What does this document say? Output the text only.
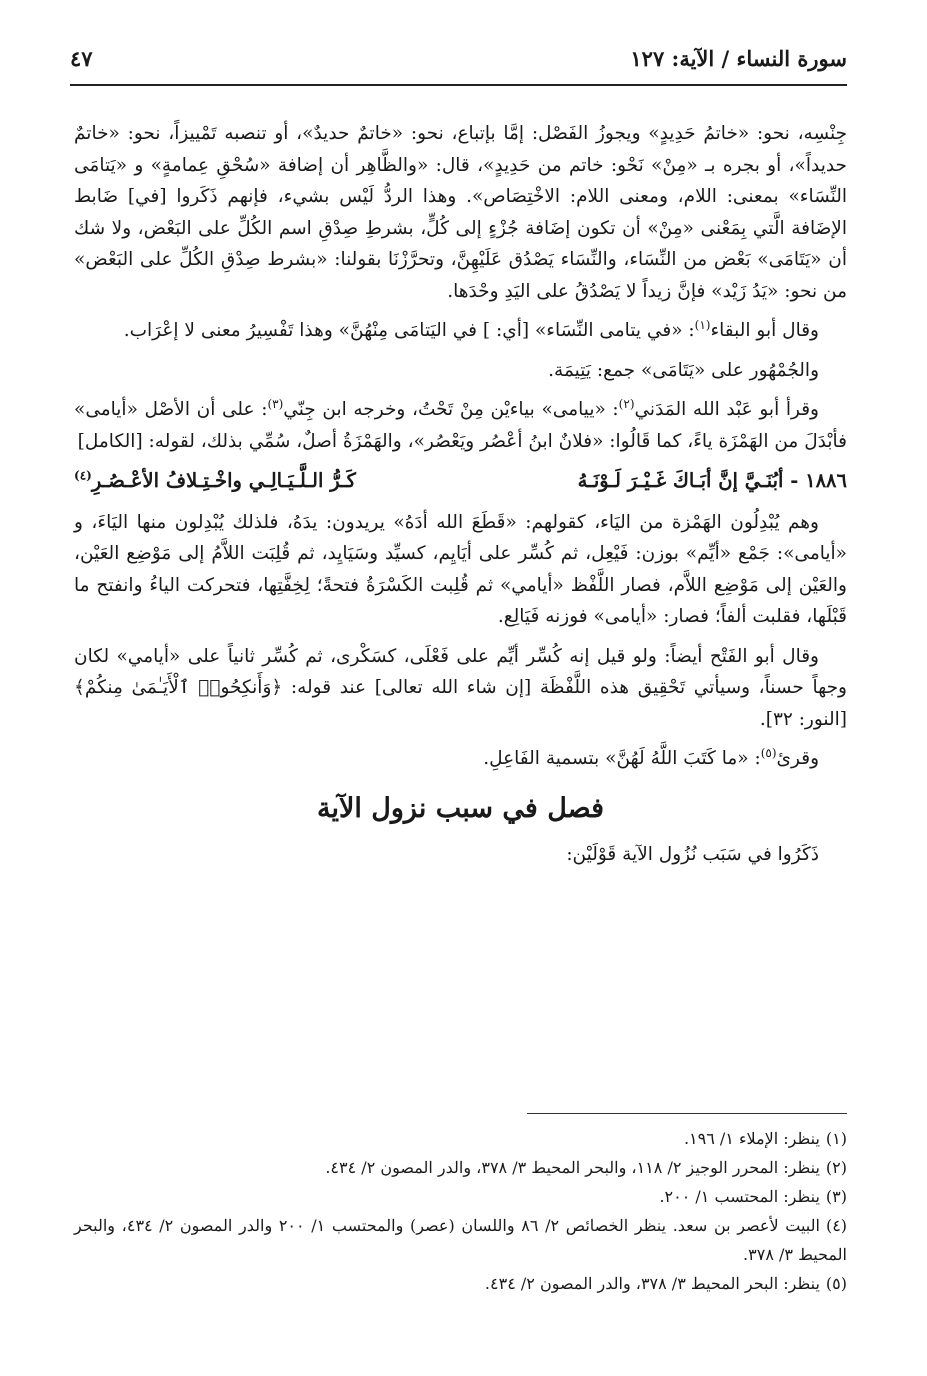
سورة النساء / الآية: ١٢٧
٤٧

جِنْسِه، نحو: «خاتمُ حَدِيدٍ» ويجوزُ الفَصْل: إمَّا بإتباع، نحو: «خاتمٌ حديدٌ»، أو تنصبه تَمْييزاً، نحو: «خاتمٌ حديداً»، أو بجره بـ «مِنْ» نَحْو: خاتم من حَدِيدٍ»، قال: «والظَّاهِر أن إضافة «سُحْقِ عِمامةٍ» و «يَتامَى النِّسَاء» بمعنى: اللام، ومعنى اللام: الاخْتِصَاص». وهذا الردُّ لَيْس بشيء، فإنهم ذَكَروا [في] ضَابط الإضَافة الَّتي بِمَعْنى «مِنْ» أن تكون إضَافة جُزْءٍ إلى كُلٍّ، بشرطِ صِدْقِ اسم الكُلِّ على البَعْض، ولا شك أن «يَتَامَى» بَعْض من النِّسَاء، والنِّسَاء يَصْدُق عَلَيْهِنَّ، وتحرَّزْنَا بقولنا: «بشرط صِدْقِ الكُلِّ على البَعْض» من نحو: «يَدُ زَيْد» فإنَّ زيداً لا يَصْدُقُ على اليَدِ وحْدَها.

وقال أبو البقاء$^{(١)}$: «في يتامى النِّسَاء» [أي: ] في اليَتامَى مِنْهُنَّ» وهذا تَفْسِيرُ معنى لا إعْرَاب.

والجُمْهُور على «يَتَامَى» جمع: يَتِيمَة.

وقرأ أبو عَبْد الله المَدَني$^{(٢)}$: «ييامى» بياءيْن مِنْ تَحْتُ، وخرجه ابن جِنّي$^{(٣)}$: على أن الأصْل «أيامى» فأبْدَلَ من الهَمْزَة ياءً، كما قَالُوا: «فلانٌ ابنُ أعْصُر ويَعْصُر»، والهَمْزَةُ أصلٌ، سُمِّي بذلك، لقوله: [الكامل]

١٨٨٦ - أبُنَـيَّ إنَّ أبَـاكَ غَـيْـرَ لَـوْنَـهُ
كَـرُّ الـلَّـيَـالِـي واخْـتِـلافُ الأعْـصُـرِ$^{(٤)}$

وهم يُبْدِلُون الهَمْزة من اليَاء، كقولهم: «قَطَعَ الله أدَهُ» يريدون: يدَهُ، فلذلك يُبْدِلون منها اليَاءَ، و «أيامى»: جَمْع «أيِّم» بوزن: فَيْعِل، ثم كُسِّر على أيَايِم، كسيِّد وسَيَايِد، ثم قُلِبَت اللاَّمُ إلى مَوْضِع العَيْن، والعَيْن إلى مَوْضِع اللاَّم، فصار اللَّفْظ «أيامي» ثم قُلِبت الكَسْرَةُ فتحةً؛ لِخِفَّتِها، فتحركت الياءُ وانفتح ما قَبْلَها، فقلبت ألفاً؛ فصار: «أيامى» فوزنه فَيَالِع.

وقال أبو الفَتْح أيضاً: ولو قيل إنه كُسِّر أيِّم على فَعْلَى، كسَكْرى، ثم كُسِّر ثانياً على «أيامي» لكان وجهاً حسناً، وسيأتي تَحْقِيق هذه اللَّفْظَة [إن شاء الله تعالى] عند قوله: ﴿وَأَنكِحُوا۟ ٱلْأَيَـٰمَىٰ مِنكُمْ﴾ [النور: ٣٢].

وقرئ$^{(٥)}$: «ما كَتَبَ اللَّهُ لَهُنَّ» بتسمية الفَاعِلِ.

فصل في سبب نزول الآية

ذَكَرُوا في سَبَب نُزُول الآية قَوْلَيْن:

(١)ينظر: الإملاء ١/ ١٩٦.

(٢)ينظر: المحرر الوجيز ٢/ ١١٨، والبحر المحيط ٣/ ٣٧٨، والدر المصون ٢/ ٤٣٤.

(٣)ينظر: المحتسب ١/ ٢٠٠.

(٤)البيت لأعصر بن سعد. ينظر الخصائص ٢/ ٨٦ واللسان (عصر) والمحتسب ١/ ٢٠٠ والدر المصون ٢/ ٤٣٤، والبحر المحيط ٣/ ٣٧٨.

(٥)ينظر: البحر المحيط ٣/ ٣٧٨، والدر المصون ٢/ ٤٣٤.
